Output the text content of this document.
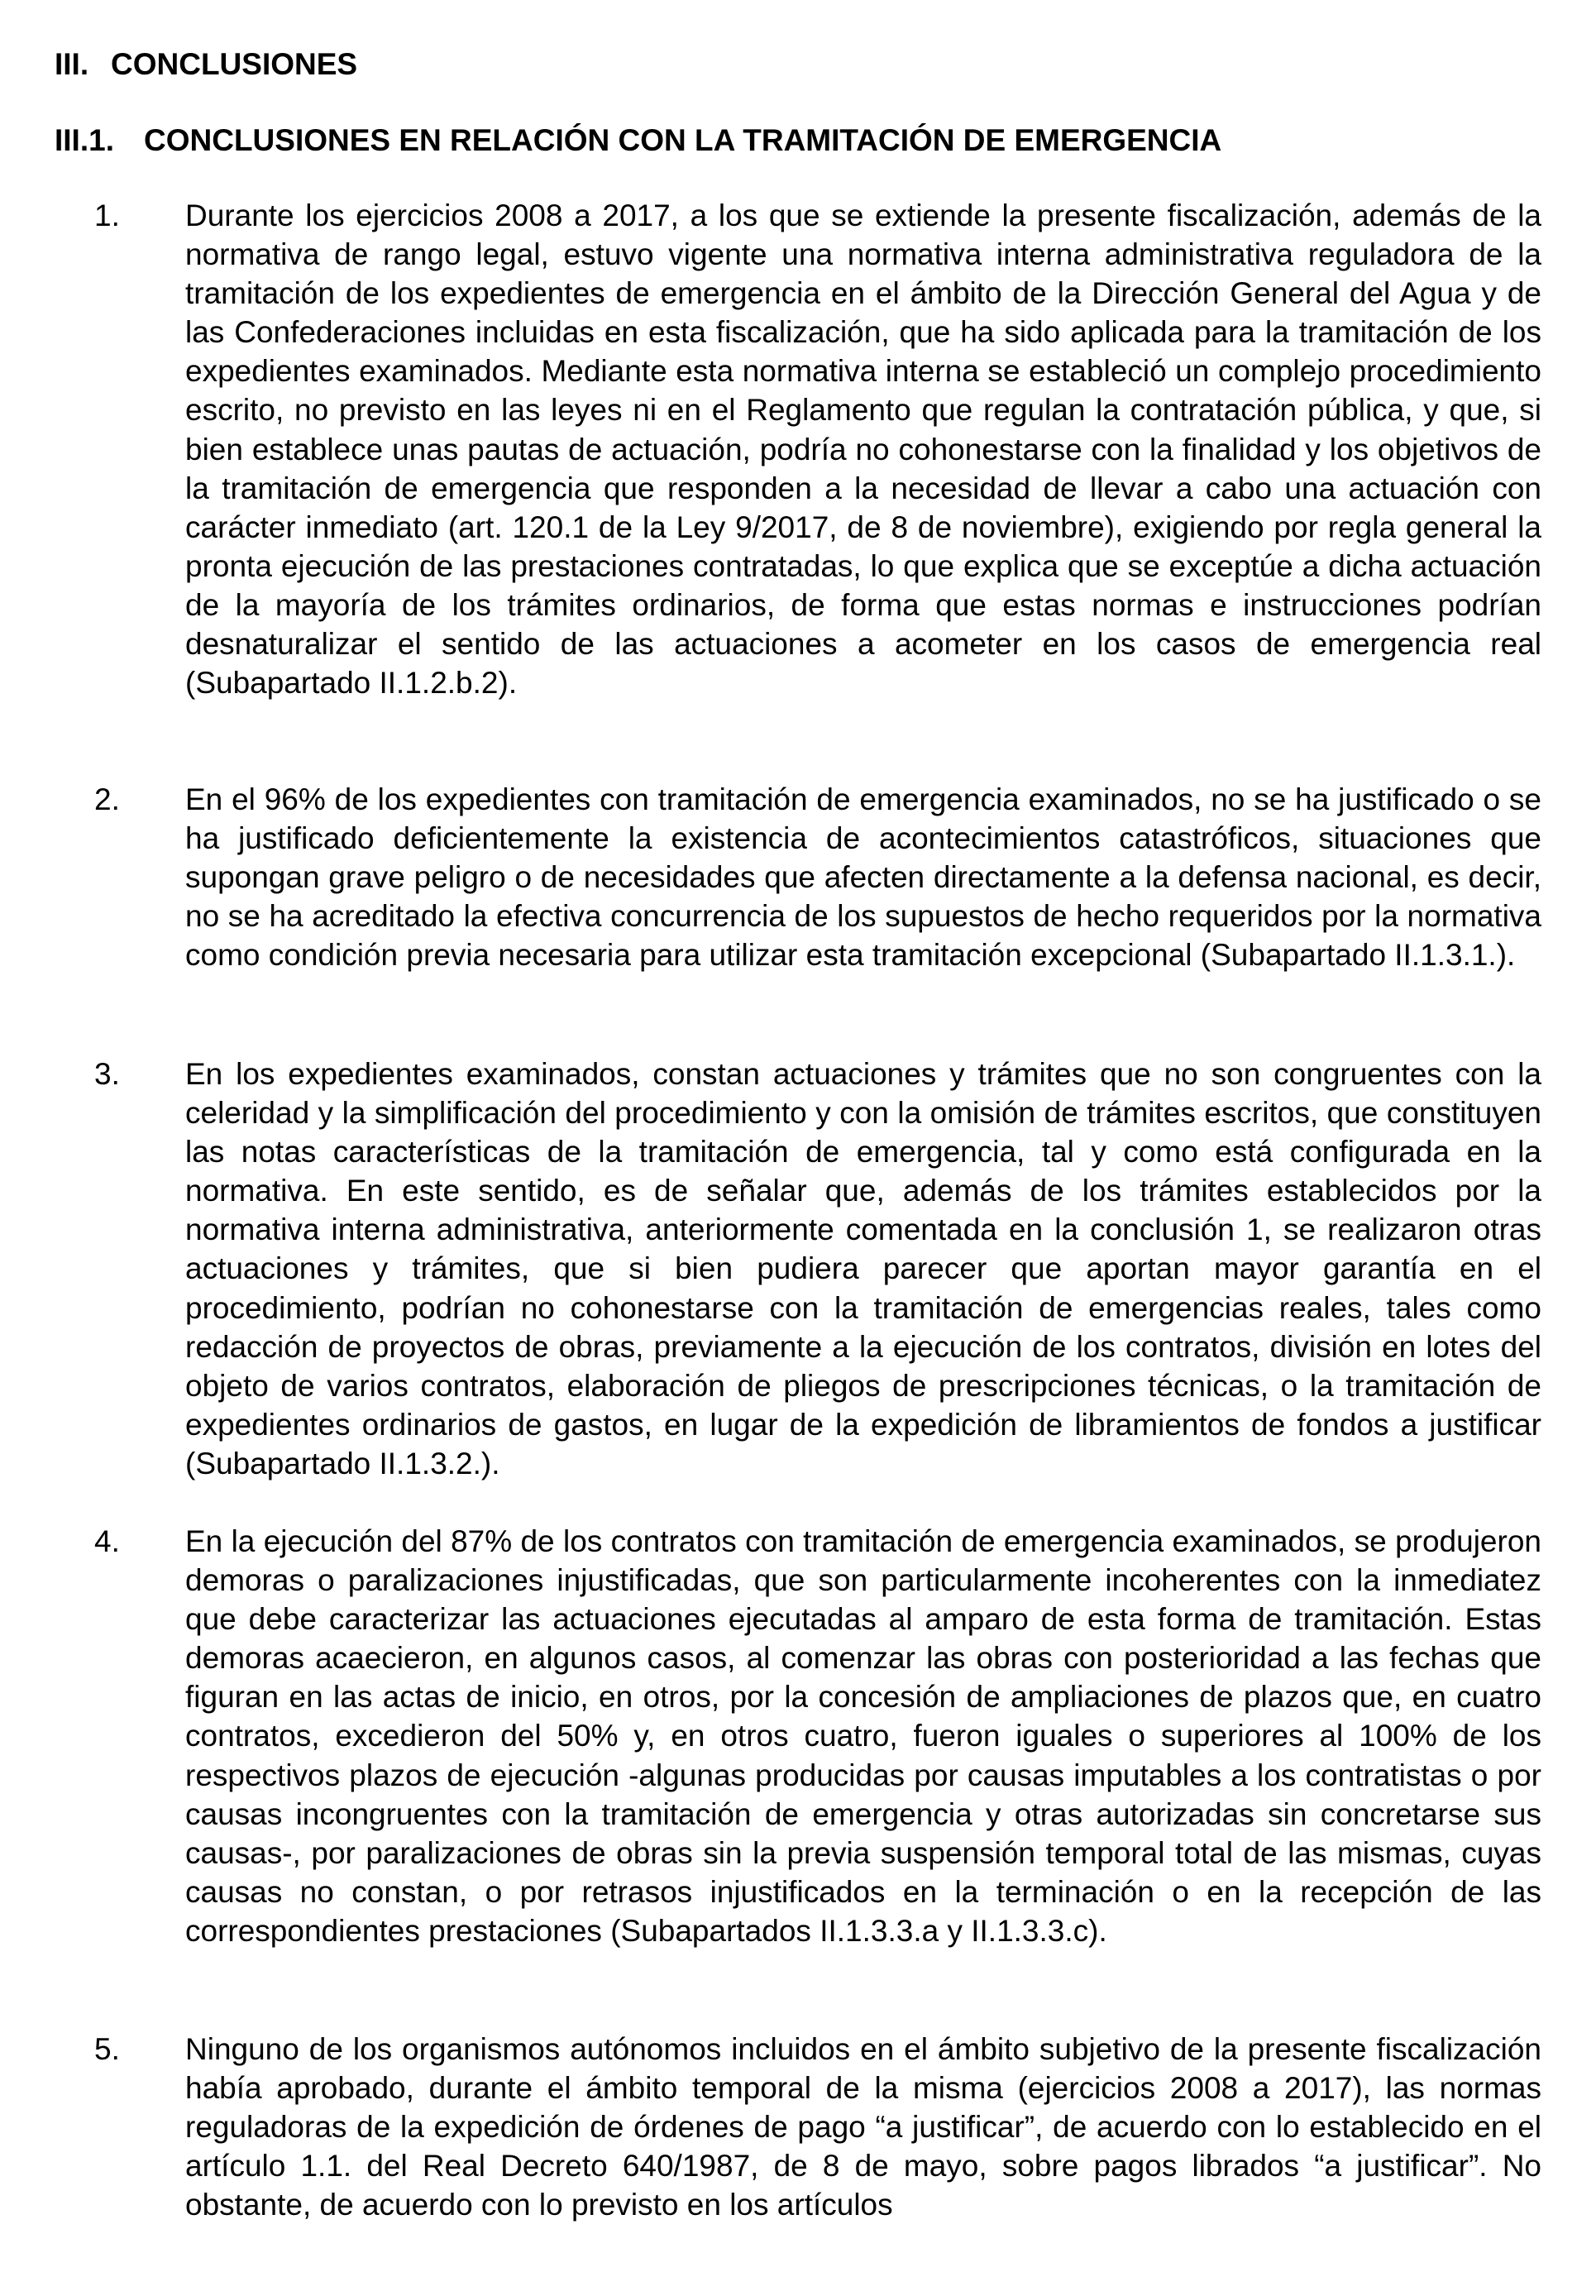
III. CONCLUSIONES
III.1. CONCLUSIONES EN RELACIÓN CON LA TRAMITACIÓN DE EMERGENCIA
1. Durante los ejercicios 2008 a 2017, a los que se extiende la presente fiscalización, además de la normativa de rango legal, estuvo vigente una normativa interna administrativa reguladora de la tramitación de los expedientes de emergencia en el ámbito de la Dirección General del Agua y de las Confederaciones incluidas en esta fiscalización, que ha sido aplicada para la tramitación de los expedientes examinados. Mediante esta normativa interna se estableció un complejo procedimiento escrito, no previsto en las leyes ni en el Reglamento que regulan la contratación pública, y que, si bien establece unas pautas de actuación, podría no cohonestarse con la finalidad y los objetivos de la tramitación de emergencia que responden a la necesidad de llevar a cabo una actuación con carácter inmediato (art. 120.1 de la Ley 9/2017, de 8 de noviembre), exigiendo por regla general la pronta ejecución de las prestaciones contratadas, lo que explica que se exceptúe a dicha actuación de la mayoría de los trámites ordinarios, de forma que estas normas e instrucciones podrían desnaturalizar el sentido de las actuaciones a acometer en los casos de emergencia real (Subapartado II.1.2.b.2).
2. En el 96% de los expedientes con tramitación de emergencia examinados, no se ha justificado o se ha justificado deficientemente la existencia de acontecimientos catastróficos, situaciones que supongan grave peligro o de necesidades que afecten directamente a la defensa nacional, es decir, no se ha acreditado la efectiva concurrencia de los supuestos de hecho requeridos por la normativa como condición previa necesaria para utilizar esta tramitación excepcional (Subapartado II.1.3.1.).
3. En los expedientes examinados, constan actuaciones y trámites que no son congruentes con la celeridad y la simplificación del procedimiento y con la omisión de trámites escritos, que constituyen las notas características de la tramitación de emergencia, tal y como está configurada en la normativa. En este sentido, es de señalar que, además de los trámites establecidos por la normativa interna administrativa, anteriormente comentada en la conclusión 1, se realizaron otras actuaciones y trámites, que si bien pudiera parecer que aportan mayor garantía en el procedimiento, podrían no cohonestarse con la tramitación de emergencias reales, tales como redacción de proyectos de obras, previamente a la ejecución de los contratos, división en lotes del objeto de varios contratos, elaboración de pliegos de prescripciones técnicas, o la tramitación de expedientes ordinarios de gastos, en lugar de la expedición de libramientos de fondos a justificar (Subapartado II.1.3.2.).
4. En la ejecución del 87% de los contratos con tramitación de emergencia examinados, se produjeron demoras o paralizaciones injustificadas, que son particularmente incoherentes con la inmediatez que debe caracterizar las actuaciones ejecutadas al amparo de esta forma de tramitación. Estas demoras acaecieron, en algunos casos, al comenzar las obras con posterioridad a las fechas que figuran en las actas de inicio, en otros, por la concesión de ampliaciones de plazos que, en cuatro contratos, excedieron del 50% y, en otros cuatro, fueron iguales o superiores al 100% de los respectivos plazos de ejecución -algunas producidas por causas imputables a los contratistas o por causas incongruentes con la tramitación de emergencia y otras autorizadas sin concretarse sus causas-, por paralizaciones de obras sin la previa suspensión temporal total de las mismas, cuyas causas no constan, o por retrasos injustificados en la terminación o en la recepción de las correspondientes prestaciones (Subapartados II.1.3.3.a y II.1.3.3.c).
5. Ninguno de los organismos autónomos incluidos en el ámbito subjetivo de la presente fiscalización había aprobado, durante el ámbito temporal de la misma (ejercicios 2008 a 2017), las normas reguladoras de la expedición de órdenes de pago “a justificar”, de acuerdo con lo establecido en el artículo 1.1. del Real Decreto 640/1987, de 8 de mayo, sobre pagos librados “a justificar”. No obstante, de acuerdo con lo previsto en los artículos
